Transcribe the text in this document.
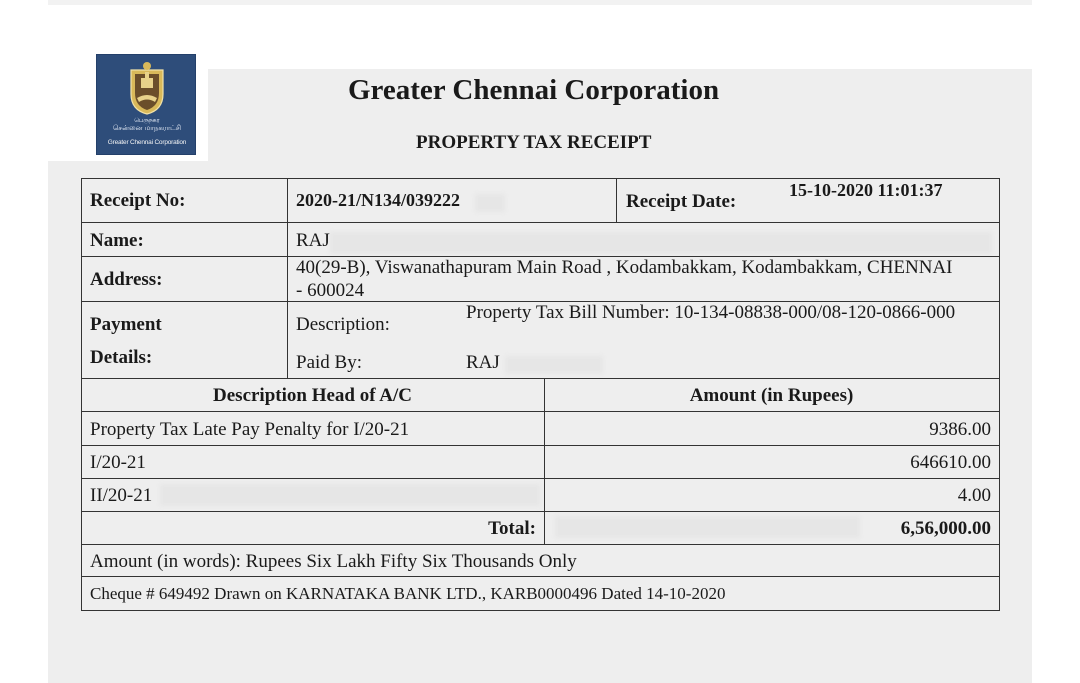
பெருநகர
சென்னை மாநகராட்சி
Greater Chennai Corporation
Greater Chennai Corporation
PROPERTY TAX RECEIPT
Receipt No:	2020-21/N134/039222	Receipt Date:
15-10-2020 11:01:37
Name:	RAJ
Address:
40(29-B), Viswanathapuram Main Road , Kodambakkam, Kodambakkam, CHENNAI
- 600024
Payment
Details:
Description:
Property Tax Bill Number: 10-134-08838-000/08-120-0866-000
Paid By:	RAJ
Description Head of A/C	Amount (in Rupees)
Property Tax Late Pay Penalty for I/20-21	9386.00
I/20-21	646610.00
II/20-21	4.00
Total:	6,56,000.00
Amount (in words): Rupees Six Lakh Fifty Six Thousands Only
Cheque # 649492 Drawn on KARNATAKA BANK LTD., KARB0000496 Dated 14-10-2020
